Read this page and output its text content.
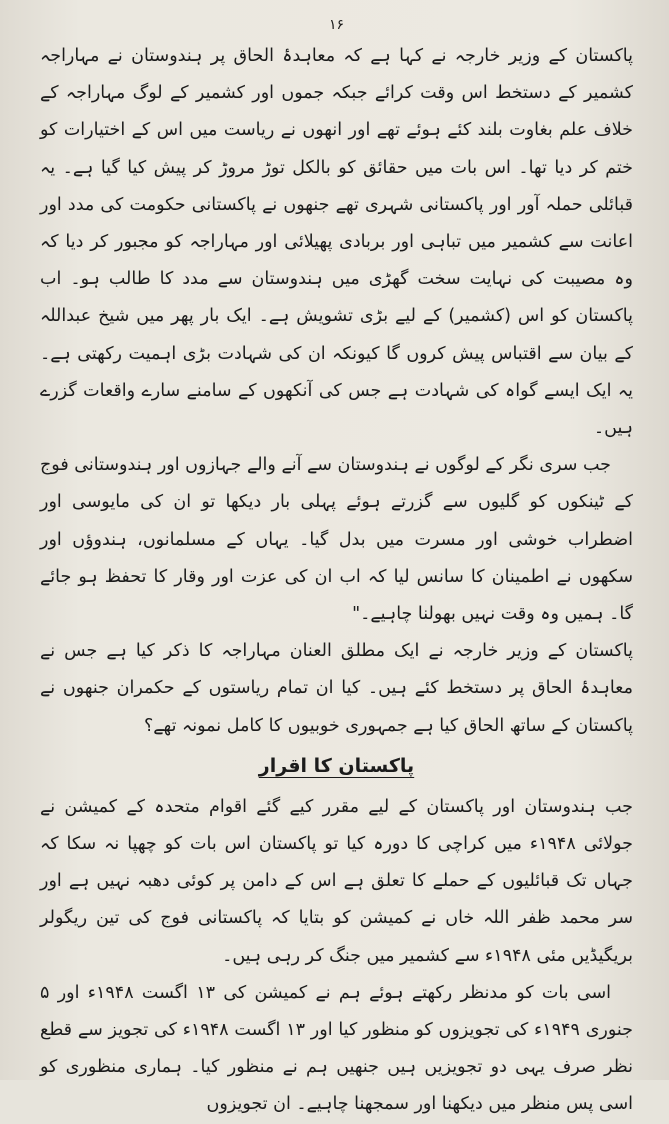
۱۶

پاکستان کے وزیر خارجہ نے کہا ہے کہ معاہدۂ الحاق پر ہندوستان نے مہاراجہ کشمیر کے دستخط اس وقت کرائے جبکہ جموں اور کشمیر کے لوگ مہاراجہ کے خلاف علم بغاوت بلند کئے ہوئے تھے اور انھوں نے ریاست میں اس کے اختیارات کو ختم کر دیا تھا۔ اس بات میں حقائق کو بالکل توڑ مروڑ کر پیش کیا گیا ہے۔ یہ قبائلی حملہ آور اور پاکستانی شہری تھے جنھوں نے پاکستانی حکومت کی مدد اور اعانت سے کشمیر میں تباہی اور بربادی پھیلائی اور مہاراجہ کو مجبور کر دیا کہ وہ مصیبت کی نہایت سخت گھڑی میں ہندوستان سے مدد کا طالب ہو۔ اب پاکستان کو اس (کشمیر) کے لیے بڑی تشویش ہے۔ ایک بار پھر میں شیخ عبداللہ کے بیان سے اقتباس پیش کروں گا کیونکہ ان کی شہادت بڑی اہمیت رکھتی ہے۔ یہ ایک ایسے گواہ کی شہادت ہے جس کی آنکھوں کے سامنے سارے واقعات گزرے ہیں۔

جب سری نگر کے لوگوں نے ہندوستان سے آنے والے جہازوں اور ہندوستانی فوج کے ٹینکوں کو گلیوں سے گزرتے ہوئے پہلی بار دیکھا تو ان کی مایوسی اور اضطراب خوشی اور مسرت میں بدل گیا۔ یہاں کے مسلمانوں، ہندوؤں اور سکھوں نے اطمینان کا سانس لیا کہ اب ان کی عزت اور وقار کا تحفظ ہو جائے گا۔ ہمیں وہ وقت نہیں بھولنا چاہیے۔"

پاکستان کے وزیر خارجہ نے ایک مطلق العنان مہاراجہ کا ذکر کیا ہے جس نے معاہدۂ الحاق پر دستخط کئے ہیں۔ کیا ان تمام ریاستوں کے حکمران جنھوں نے پاکستان کے ساتھ الحاق کیا ہے جمہوری خوبیوں کا کامل نمونہ تھے؟

پاکستان کا اقرار

جب ہندوستان اور پاکستان کے لیے مقرر کیے گئے اقوام متحدہ کے کمیشن نے جولائی ۱۹۴۸ء میں کراچی کا دورہ کیا تو پاکستان اس بات کو چھپا نہ سکا کہ جہاں تک قبائلیوں کے حملے کا تعلق ہے اس کے دامن پر کوئی دھبہ نہیں ہے اور سر محمد ظفر اللہ خاں نے کمیشن کو بتایا کہ پاکستانی فوج کی تین ریگولر بریگیڈیں مئی ۱۹۴۸ء سے کشمیر میں جنگ کر رہی ہیں۔

اسی بات کو مدنظر رکھتے ہوئے ہم نے کمیشن کی ۱۳ اگست ۱۹۴۸ء اور ۵ جنوری ۱۹۴۹ء کی تجویزوں کو منظور کیا اور ۱۳ اگست ۱۹۴۸ء کی تجویز سے قطع نظر صرف یہی دو تجویزیں ہیں جنھیں ہم نے منظور کیا۔ ہماری منظوری کو اسی پس منظر میں دیکھنا اور سمجھنا چاہیے۔ ان تجویزوں
